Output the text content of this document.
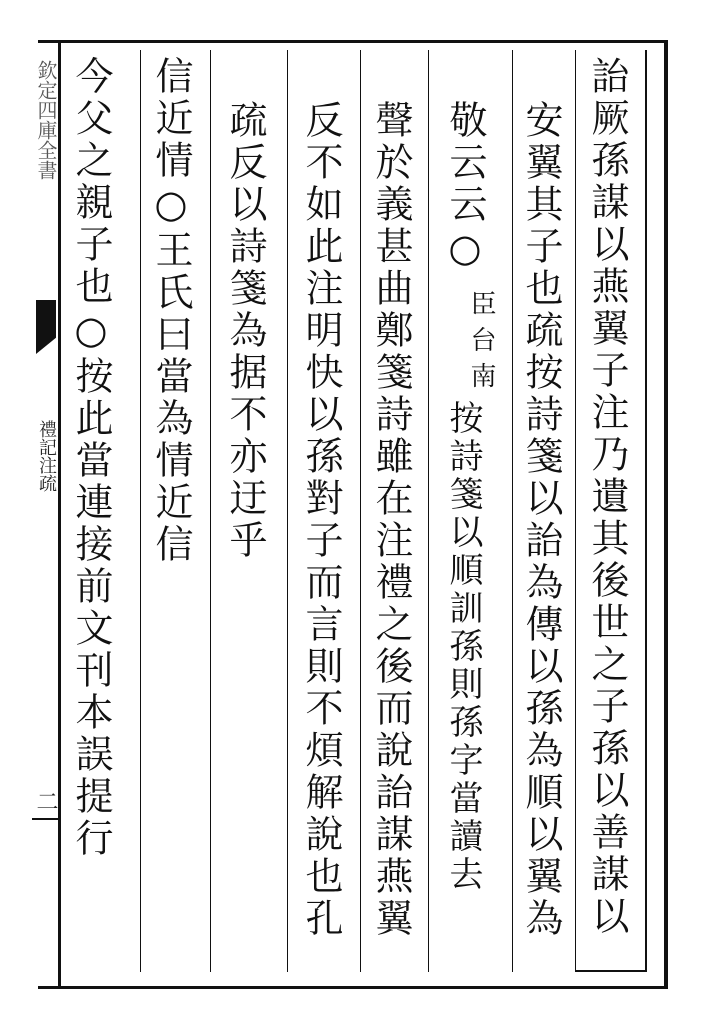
詒厥孫謀以燕翼子注乃遺其後世之子孫以善謀以
安翼其子也疏按詩箋以詒為傳以孫為順以翼為
敬云云○
聲於義甚曲鄭箋詩雖在注禮之後而說詒謀燕翼
反不如此注明快以孫對子而言則不煩解說也孔
疏反以詩箋為据不亦迂乎
信近情○王氏曰當為情近信
今父之親子也○按此當連接前文刊本誤提行	臣台南
按詩箋以順訓孫則孫字當讀去
欽定四庫全書
禮記注疏
二
